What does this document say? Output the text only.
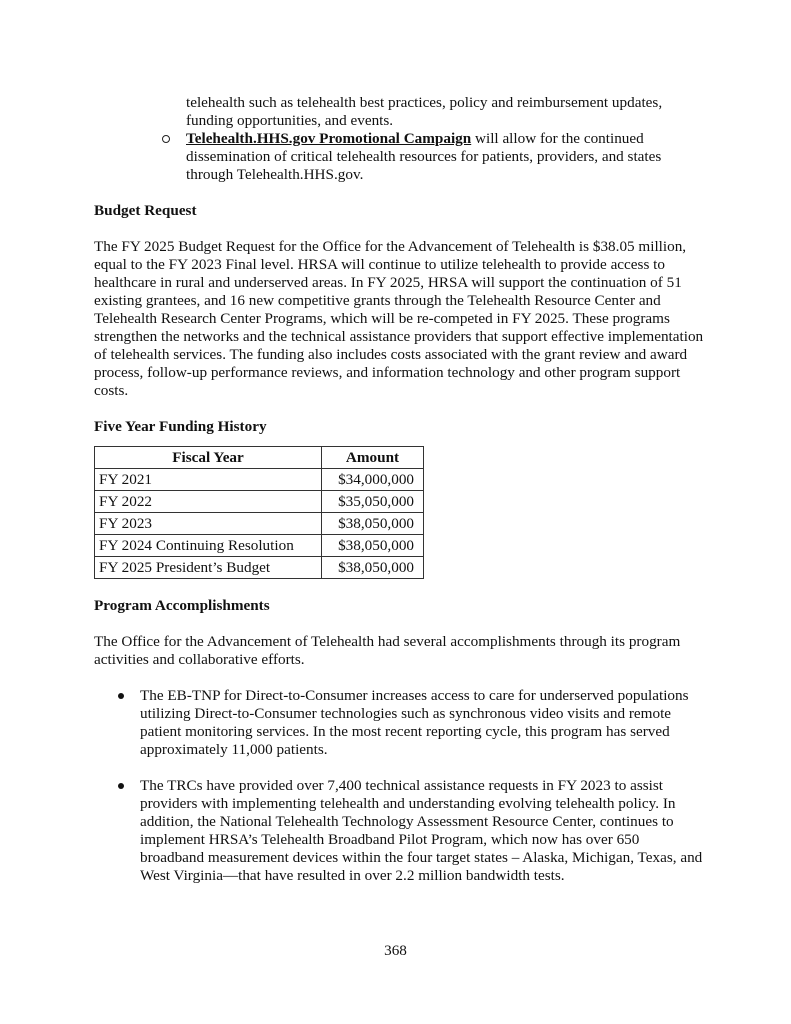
telehealth such as telehealth best practices, policy and reimbursement updates, funding opportunities, and events.

Telehealth.HHS.gov Promotional Campaign will allow for the continued dissemination of critical telehealth resources for patients, providers, and states through Telehealth.HHS.gov.
Budget Request

The FY 2025 Budget Request for the Office for the Advancement of Telehealth is $38.05 million, equal to the FY 2023 Final level. HRSA will continue to utilize telehealth to provide access to healthcare in rural and underserved areas. In FY 2025, HRSA will support the continuation of 51 existing grantees, and 16 new competitive grants through the Telehealth Resource Center and Telehealth Research Center Programs, which will be re-competed in FY 2025. These programs strengthen the networks and the technical assistance providers that support effective implementation of telehealth services. The funding also includes costs associated with the grant review and award process, follow-up performance reviews, and information technology and other program support costs.

Five Year Funding History
Fiscal Year	Amount
FY 2021	$34,000,000
FY 2022	$35,050,000
FY 2023	$38,050,000
FY 2024 Continuing Resolution	$38,050,000
FY 2025 President’s Budget	$38,050,000
Program Accomplishments

The Office for the Advancement of Telehealth had several accomplishments through its program activities and collaborative efforts.

The EB-TNP for Direct-to-Consumer increases access to care for underserved populations utilizing Direct-to-Consumer technologies such as synchronous video visits and remote patient monitoring services. In the most recent reporting cycle, this program has served approximately 11,000 patients.
The TRCs have provided over 7,400 technical assistance requests in FY 2023 to assist providers with implementing telehealth and understanding evolving telehealth policy. In addition, the National Telehealth Technology Assessment Resource Center, continues to implement HRSA’s Telehealth Broadband Pilot Program, which now has over 650 broadband measurement devices within the four target states – Alaska, Michigan, Texas, and West Virginia—that have resulted in over 2.2 million bandwidth tests.
368
